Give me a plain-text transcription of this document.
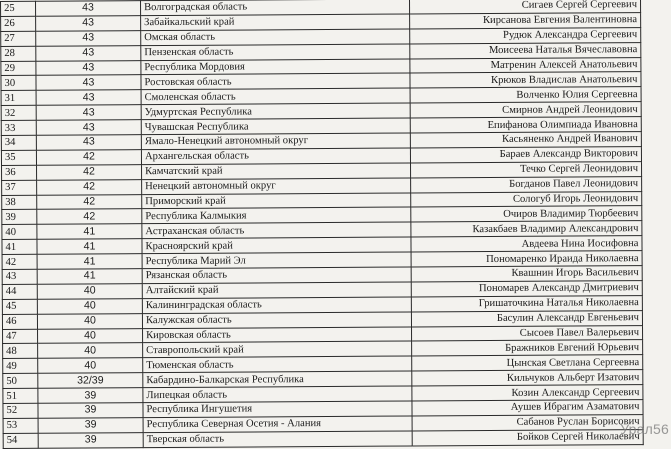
25	43	Волгоградская область	Сигаев Сергей Сергеевич
26	43	Забайкальский край	Кирсанова Евгения Валентиновна
27	43	Омская область	Рудюк Александра Сергеевич
28	43	Пензенская область	Моисеева Наталья Вячеславовна
29	43	Республика Мордовия	Матренин Алексей Анатольевич
30	43	Ростовская область	Крюков Владислав Анатольевич
31	43	Смоленская область	Волченко Юлия Сергеевна
32	43	Удмуртская Республика	Смирнов Андрей Леонидович
33	43	Чувашская Республика	Епифанова Олимпиада Ивановна
34	43	Ямало-Ненецкий автономный округ	Касьяненко Андрей Иванович
35	42	Архангельская область	Бараев Александр Викторович
36	42	Камчатский край	Течко Сергей Леонидович
37	42	Ненецкий автономный округ	Богданов Павел Леонидович
38	42	Приморский край	Сологуб Игорь Леонидович
39	42	Республика Калмыкия	Очиров Владимир Тюрбеевич
40	41	Астраханская область	Казакбаев Владимир Александрович
41	41	Красноярский край	Авдеева Нина Иосифовна
42	41	Республика Марий Эл	Пономаренко Ираида Николаевна
43	41	Рязанская область	Квашнин Игорь Васильевич
44	40	Алтайский край	Пономарев Александр Дмитриевич
45	40	Калининградская область	Гришаточкина Наталья Николаевна
46	40	Калужская область	Басулин Александр Евгеньевич
47	40	Кировская область	Сысоев Павел Валерьевич
48	40	Ставропольский край	Бражников Евгений Юрьевич
49	40	Тюменская область	Цынская Светлана Сергеевна
50	32/39	Кабардино-Балкарская Республика	Кильчуков Альберт Изатович
51	39	Липецкая область	Козин Александр Сергеевич
52	39	Республика Ингушетия	Аушев Ибрагим Азаматович
53	39	Республика Северная Осетия - Алания	Сабанов Руслан Борисович
54	39	Тверская область	Бойков Сергей Николаевич
Урал56
